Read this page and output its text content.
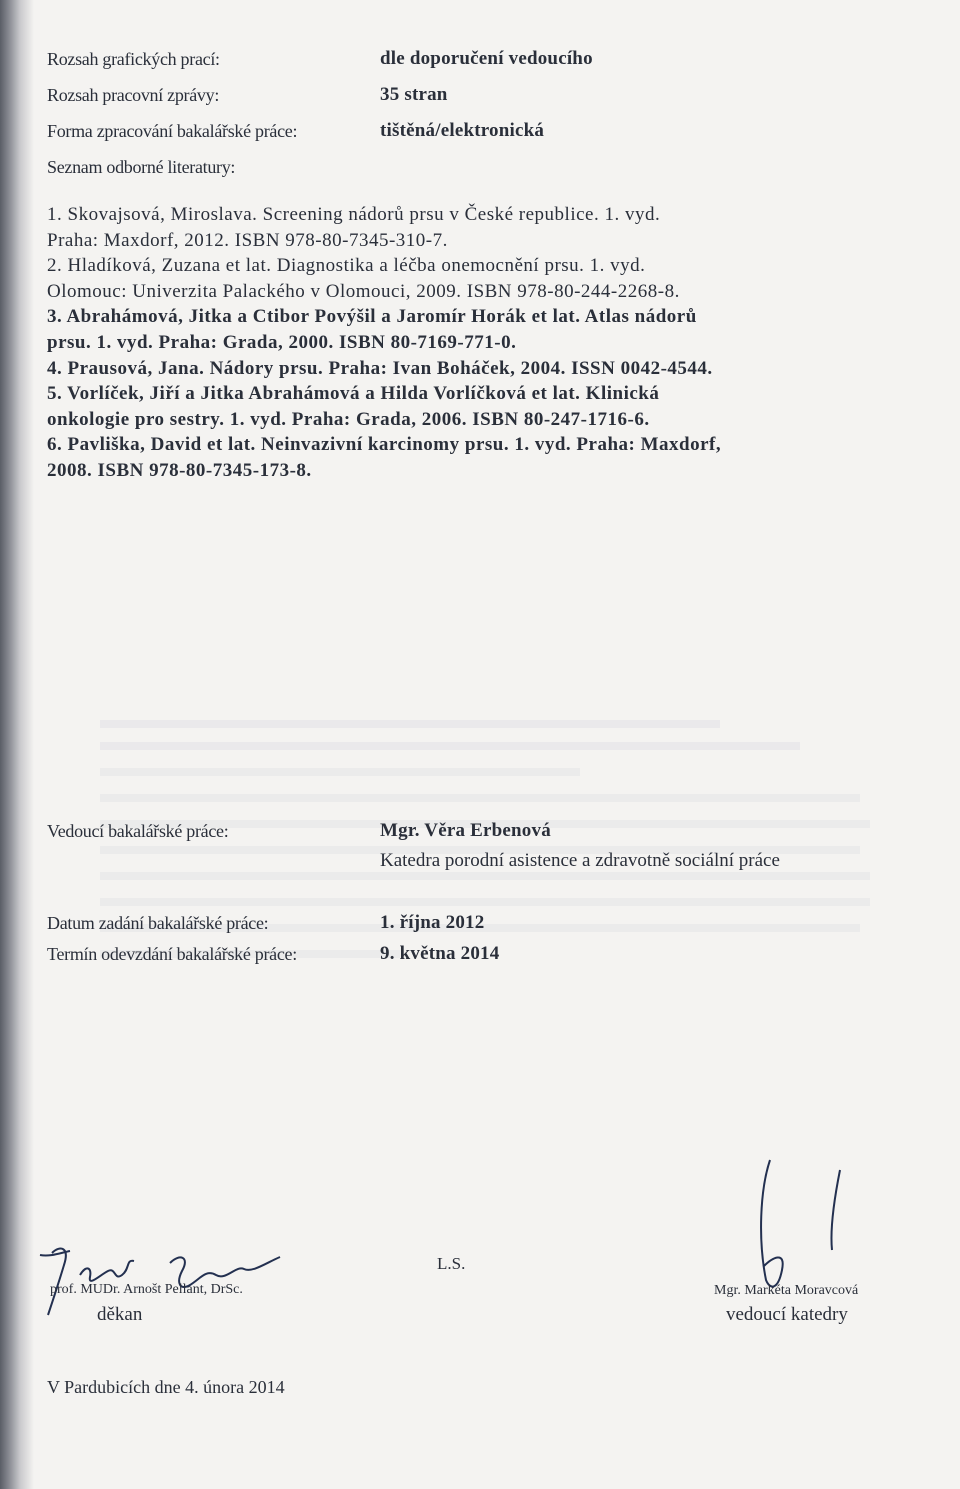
Rozsah grafických prací:	dle doporučení vedoucího
Rozsah pracovní zprávy:	35 stran
Forma zpracování bakalářské práce:	tištěná/elektronická
Seznam odborné literatury:
1. Skovajsová, Miroslava. Screening nádorů prsu v České republice. 1. vyd.
Praha: Maxdorf, 2012. ISBN 978-80-7345-310-7.
2. Hladíková, Zuzana et lat. Diagnostika a léčba onemocnění prsu. 1. vyd.
Olomouc: Univerzita Palackého v Olomouci, 2009. ISBN 978-80-244-2268-8.
3. Abrahámová, Jitka a Ctibor Povýšil a Jaromír Horák et lat. Atlas nádorů
prsu. 1. vyd. Praha: Grada, 2000. ISBN 80-7169-771-0.
4. Prausová, Jana. Nádory prsu. Praha: Ivan Boháček, 2004. ISSN 0042-4544.
5. Vorlíček, Jiří a Jitka Abrahámová a Hilda Vorlíčková et lat. Klinická
onkologie pro sestry. 1. vyd. Praha: Grada, 2006. ISBN 80-247-1716-6.
6. Pavliška, David et lat. Neinvazivní karcinomy prsu. 1. vyd. Praha: Maxdorf,
2008. ISBN 978-80-7345-173-8.
Vedoucí bakalářské práce:	Mgr. Věra Erbenová
Katedra porodní asistence a zdravotně sociální práce
Datum zadání bakalářské práce:	1. října 2012
Termín odevzdání bakalářské práce:	9. května 2014
prof. MUDr. Arnošt Pellant, DrSc.
děkan
L.S.
Mgr. Markéta Moravcová
vedoucí katedry
V Pardubicích dne 4. února 2014
